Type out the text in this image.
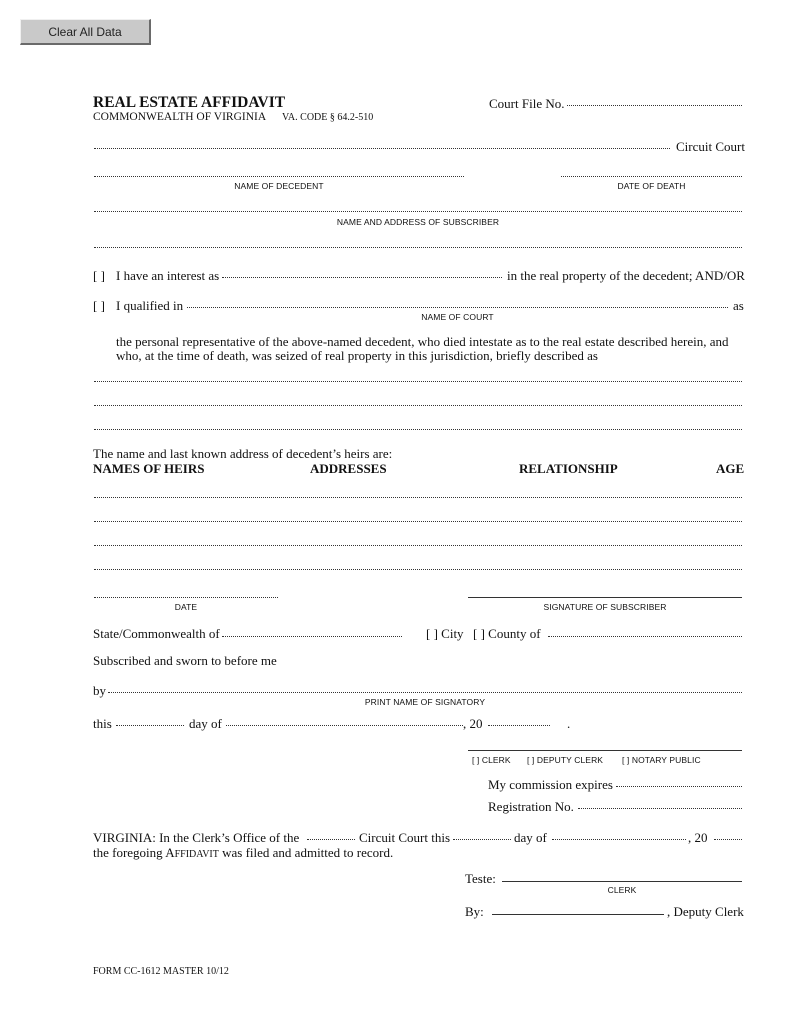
Clear All Data
REAL ESTATE AFFIDAVIT
COMMONWEALTH OF VIRGINIA VA. CODE § 64.2-510
Court File No.
Circuit Court
NAME OF DECEDENT	DATE OF DEATH
NAME AND ADDRESS OF SUBSCRIBER
[ ] I have an interest as	in the real property of the decedent; AND/OR
[ ] I qualified in	as
NAME OF COURT
the personal representative of the above-named decedent, who died intestate as to the real estate described herein, and
who, at the time of death, was seized of real property in this jurisdiction, briefly described as
The name and last known address of decedent’s heirs are:
NAMES OF HEIRS	ADDRESSES	RELATIONSHIP	AGE
DATE	SIGNATURE OF SUBSCRIBER
State/Commonwealth of	[ ] City [ ] County of
Subscribed and sworn to before me
by
PRINT NAME OF SIGNATORY
this	day of	, 20	.
[ ] CLERK [ ] DEPUTY CLERK [ ] NOTARY PUBLIC
My commission expires
Registration No.
VIRGINIA: In the Clerk’s Office of the	Circuit Court this	day of	, 20
the foregoing AFFIDAVIT was filed and admitted to record.
Teste:
CLERK
By:	, Deputy Clerk
FORM CC-1612 MASTER 10/12
